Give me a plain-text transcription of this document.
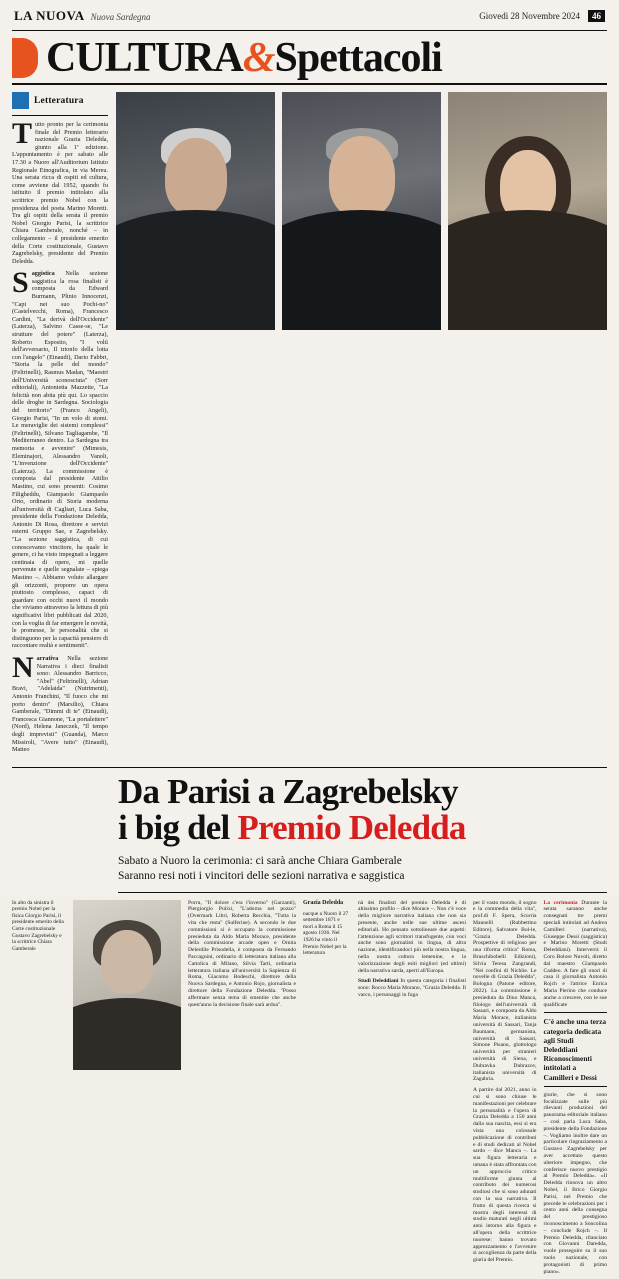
LA NUOVA Nuova Sardegna	Giovedì 28 Novembre 2024	46
CULTURA&Spettacoli
Letteratura

Tutto pronto per la cerimonia finale del Premio letterario nazionale Grazia Deledda, giunto alla 1ª edizione. L'appuntamento è per sabato alle 17.30 a Nuoro all'Auditorium Istituto Regionale Etnografica, in via Mereu. Una serata ricca di ospiti ed cultura, come avviene dal 1952, quando fu istituito il premio intitolato alla scrittrice premio Nobel con la presidenza del poeta Marino Moretti. Tra gli ospiti della serata il premio Nobel Giorgio Parisi, la scrittrice Chiara Gamberale, nonché – in collegamento – il presidente emerito della Corte costituzionale, Gustavo Zagrebelsky, presidente del Premio Deledda.

Saggistica Nella sezione saggistica la rosa finalisti è composta da Edward Burmann, Plinio Innocenzi, "Capi nei suo Pochi-no" (Castelvecchi, Roma), Francesco Cardini, "La derivà dell'Occidente" (Laterza), Salvino Casse-se, "Le strutture del potere" (Laterza), Roberto Esposito, "I voltì dell'avversario, Il trionfo della lotta con l'angelo" (Einaudi), Dario Fabbri, "Storia la pelle del mondo" (Feltrinelli), Rasmus Madan, "Maestri dell'Università sconosciuta" (Sorr editoriali), Antonietta Mazzette, "La felicità non abita più qui. Lo spaccio delle droghe in Sardegna. Sociologia del territorio" (Franco Angeli), Giorgio Parisi, "In un volo di stomi. Le meraviglie dei sistemi complessi" (Feltrinelli), Silvano Tagliagambe, "Il Mediterraneo dentro. La Sardegna tra memoria e avvenire" (Mimesis, Eleminajori, Alessandro Vanoli, "L'invenzione dell'Occidente" (Laterza). La commissione è composta dal presidente Attilio Mastino, cui sono presenti: Cosimo Filigheddu, Giampaolo Giampaolo Orto, ordinario di Storia moderna all'università di Cagliari, Luca Saba, presidente della Fondazione Deledda, Antonio Di Rosa, direttore e servizi esterni Gruppo Sae, e Zagrebelsky. "La sezione saggistica, di cui conoscevamo vincitore, ha quale le genere, ci ha visto impegnati a leggere centinaia di opere, mi quelle pervenute e quelle segnalate – spiega Mastino –. Abbiamo voluto allargare gli orizzonti, proporre un opera piuttosto complesso, capaci di guardare con occhi nuovi il mondo che viviamo attraverso la lettura di più significativi libri pubblicati dal 2020, con la voglia di far emergere le novità, le promesse, le personalità che si distinguono per la capacità pensiero di raccontare realtà e sentimenti".

Narrativa Nella sezione Narrativa i dieci finalisti sono: Alessandro Barricco, "Abel" (Feltrinelli), Adrian Bravi, "Adelaida" (Nutrimenti), Antonio Franchini, "Il fuoco che mi porto dentro" (Marsilio), Chiara Gamberale, "Dimmi di te" (Einaudi), Francesca Giannone, "La portalettere" (Nord), Helena Janeczek, "Il tempo degli imprevisti" (Guanda), Marco Missiroli, "Avere tutto" (Einaudi), Matteo

Da Parisi a Zagrebelsky
i big del Premio Deledda
Sabato a Nuoro la cerimonia: ci sarà anche Chiara Gamberale
Saranno resi noti i vincitori delle sezioni narrativa e saggistica

In alto da sinistra il premio Nobel per la fisica Giorgio Parisi, il presidente emerito della Corte costituzionale Gustavo Zagrebelsky e la scrittrice Chiara Gamberale

Porru, "Il dolore c'era l'inverno" (Garzanti), Piergiorgio Pulixi, "L'adorna nel pozzo" (Overmark Libri, Roberta Recchia, "Tutta la vita che resta" (Sulferine). A secondo le due commissioni si è occupato la commissione presieduta da Aldo Maria Morace, presidente della commissione arcade open e Ornita Delerdile Prisodella, è composta da Fernando Paccagnini, ordinario di letteratura italiana alla Cattolica di Milano, Silvia Tarti, ordinaria letteratura italiana all'università la Sapienza di Roma, Giacomo Bodeschi, direttore della Nuova Sardegna, e Antonio Rojo, giornalista e direttore della Fondazione Deledda. "Posso affermare senza tema di smentite che anche quest'anno la decisione finale sarà ardua".

Grazia Deledda

nacque a Nuoro il 27 settembre 1871 e morì a Roma il 15 agosto 1936. Nel 1926 ha vinto il Premio Nobel per la letteratura

nà dei finalisti del premio Deledda è di altissimo profilo – dice Morace –. Non c'è voce della migliore narrativa italiana che non sia presente, anche nelle sue ultime ascesi editoriali. Ho pensato sottolineare due aspetti: l'attenzione agli scrittori transfugente, con voci anche sono giornalisti in lingua, di altra nazione, identificandoci più nella nostra lingua, nella nostra cultura lemenine, e la valorizzazione degli esiti migliori (ed ultimi) della narrativa sarda, aperti all'Europa.

Studi Deleddiani In questa categoria i finalisti sono: Rocco Maria Morano, "Grazia Deledda. Il varco, i personaggi in fuga

per il vasto mondo, il sogno e la commedia della vita", prof.di F. Spera, Scorria Mannelli (Rubbettino Editore), Salvatore Bol-le, "Grazia Deledda. Prospettive di religioso per una riforma critica" Roma, Bruschibobelli Edizioni), Silvia Teresa Zangrandi, "Nei confini di Nichlie. Le novelle di Grazia Deledda", Bologna (Patone editore, 2022). La commissione è presieduta da Dino Manca, filologo dell'università di Sassari, e composta da Aldo Maria Morace, italianista università di Sassari, Tanja Baumann, germanista, università di Sassari, Simone Pisano, glottologo università per stranieri università di Siena, e Dubravka Dubrazov, italianista università di Zagabria.

A partire dal 2021, anno in cui si sono chiuse le manifestazioni per celebrare la personalità e l'opera di Grazia Deledda a 150 anni dalla sua nascita, essi si era vista una colossale pubblicazione di contributi e di studi dedicati al Nobel sardo – dice Manca –. La sua figura letteraria e umana è stata affrontata con un approccio critico multiforme giunta al contributo dei numerosi studiosi che si sono adunati con la sua narrativa. Il frutto di questa ricerca si mostra degli interessi di studio maturati negli ultimi anni intorno alla figura e all'opera della scrittrice nuorese: hanno trovato apprezzamento e l'avvenire si accoglienza da parte della giuria del Premio.

La cerimonia Durante la serata saranno anche consegnati tre premi speciali intitolati ad Andrea Camilleri (narrativa), Giuseppe Dessì (saggistica) e Marino Moretti (Studi Deleddiani). Interverrà il Coro Bolore Nuvoli, diretto dal maestro Giampaolo Caddeo. A fare gli onori di casa il giornalista Antonio Rojch e l'attrice Enrica Maria Pierino che conduce anche a crescere, con le sue qualificate

C'è anche una terza categoria dedicata agli Studi Deleddiani Riconoscimenti intitolati a Camilleri e Dessì

giurie, che si sono focalizzate sulle più rilevanti produzioni del panorama editoriale italiano – così parla Luca Saba, presidente della Fondazione –. Vogliamo inoltre dare un particolare ringraziamento a Gustavo Zagrebelsky per aver accettato questo ulteriore impegno, che conferisce nuovo prestigio al Premio Deledda». «Il Deledda rinnova un altro Nobel, il Brico Giorgio Parisi, nel Premio che precede le celebrazioni per i cento anni della consegna del prestigioso riconoscimento a Soncolina – conclude Rojch –. Il Premio Deledda, rilanciato con Giovanni Daredda, vuole proseguire su il suo ruolo nazionale, con protagonisti di primo piano».
